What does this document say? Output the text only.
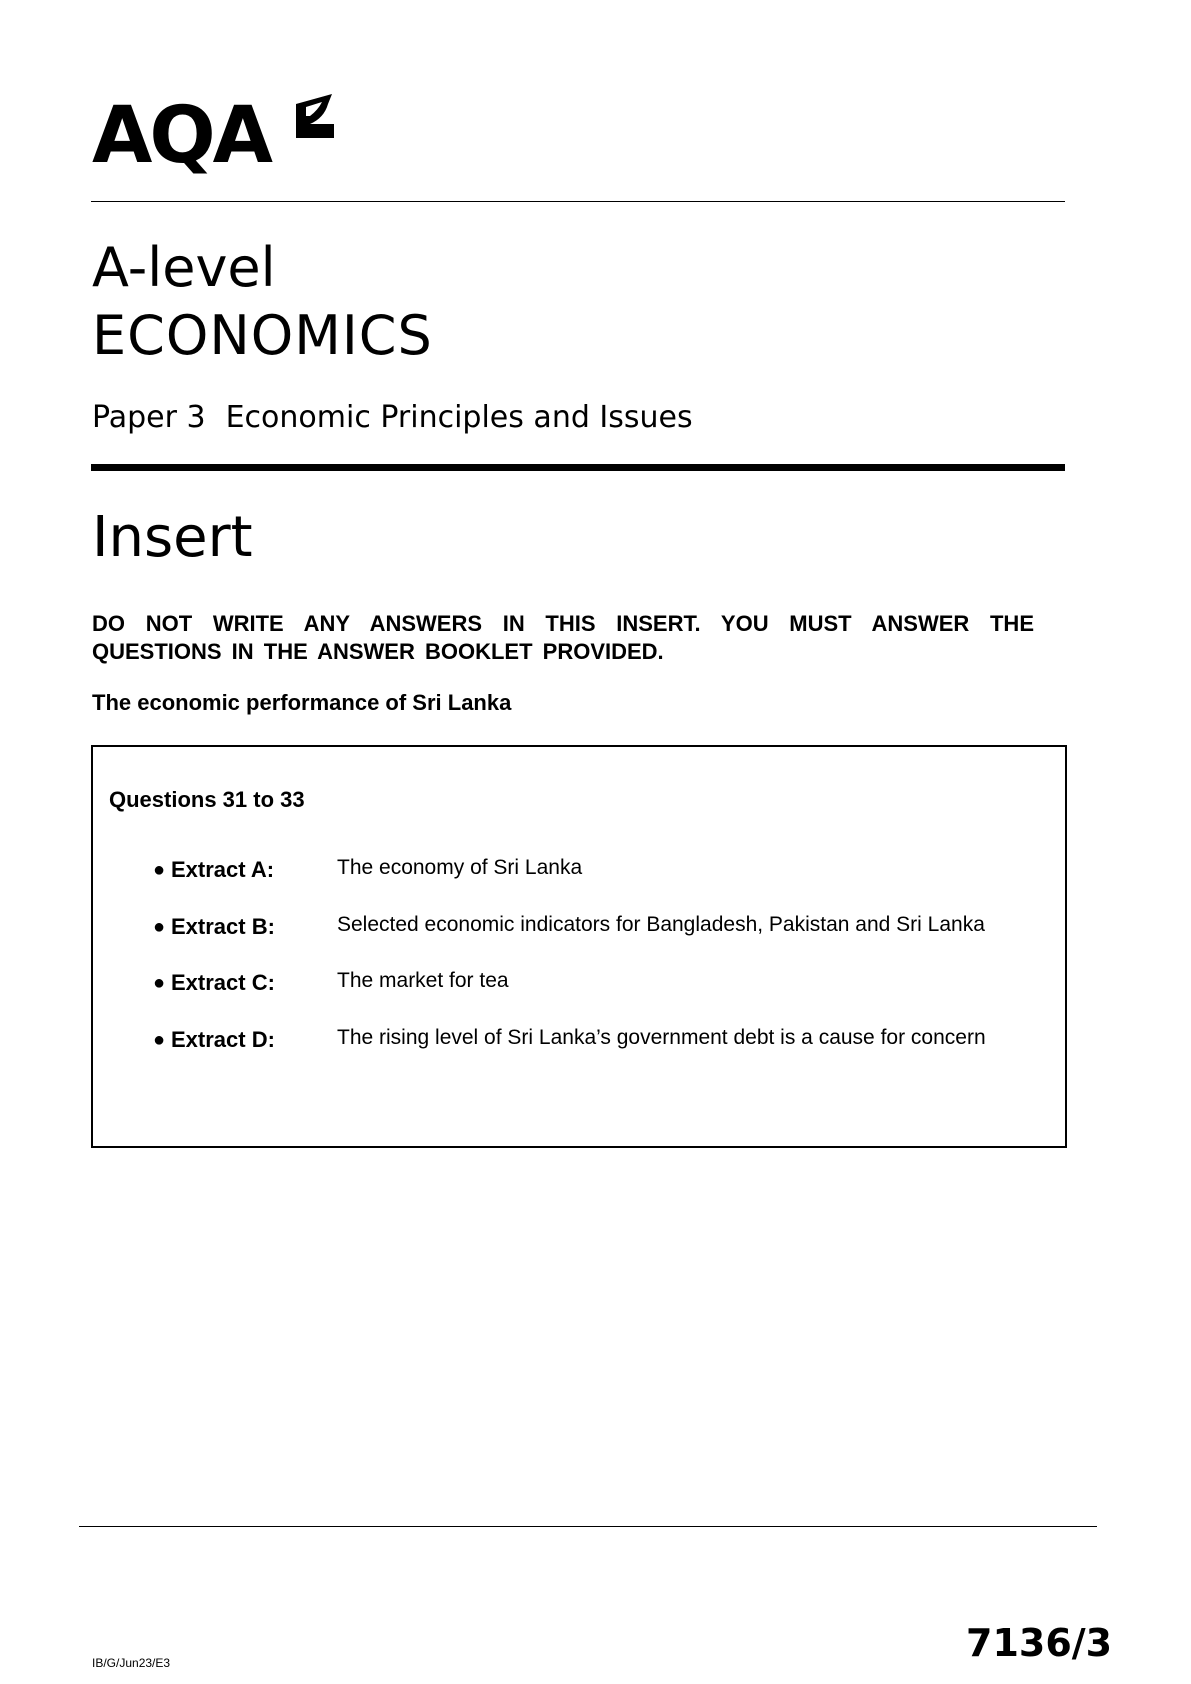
AQA
A-level
ECONOMICS
Paper 3 Economic Principles and Issues
Insert
DO NOT WRITE ANY ANSWERS IN THIS INSERT. YOU MUST ANSWER THE QUESTIONS IN THE ANSWER BOOKLET PROVIDED.
The economic performance of Sri Lanka
Questions 31 to 33
● Extract A:	The economy of Sri Lanka
● Extract B:	Selected economic indicators for Bangladesh, Pakistan and Sri Lanka
● Extract C:	The market for tea
● Extract D:	The rising level of Sri Lanka’s government debt is a cause for concern
IB/G/Jun23/E3	7136/3
